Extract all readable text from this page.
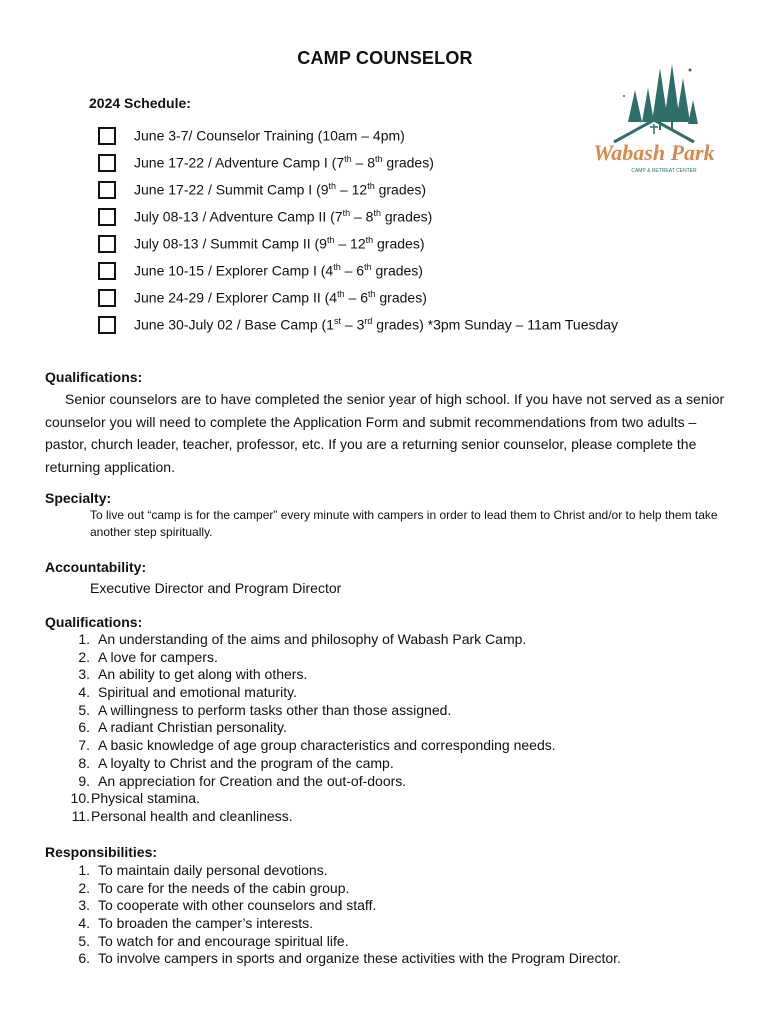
CAMP COUNSELOR
2024 Schedule:
June 3-7/ Counselor Training (10am – 4pm)
June 17-22 / Adventure Camp I (7th – 8th grades)
June 17-22 / Summit Camp I (9th – 12th grades)
July 08-13 / Adventure Camp II (7th – 8th grades)
July 08-13 / Summit Camp II (9th – 12th grades)
June 10-15 / Explorer Camp I (4th – 6th grades)
June 24-29 / Explorer Camp II (4th – 6th grades)
June 30-July 02 / Base Camp (1st – 3rd grades) *3pm Sunday – 11am Tuesday
Wabash Park
CAMP & RETREAT CENTER
Qualifications:
Senior counselors are to have completed the senior year of high school. If you have not served as a senior counselor you will need to complete the Application Form and submit recommendations from two adults – pastor, church leader, teacher, professor, etc. If you are a returning senior counselor, please complete the returning application.
Specialty:
To live out “camp is for the camper” every minute with campers in order to lead them to Christ and/or to help them take another step spiritually.
Accountability:
Executive Director and Program Director
Qualifications:
1. An understanding of the aims and philosophy of Wabash Park Camp.
2. A love for campers.
3. An ability to get along with others.
4. Spiritual and emotional maturity.
5. A willingness to perform tasks other than those assigned.
6. A radiant Christian personality.
7. A basic knowledge of age group characteristics and corresponding needs.
8. A loyalty to Christ and the program of the camp.
9. An appreciation for Creation and the out-of-doors.
10. Physical stamina.
11. Personal health and cleanliness.
Responsibilities:
1. To maintain daily personal devotions.
2. To care for the needs of the cabin group.
3. To cooperate with other counselors and staff.
4. To broaden the camper’s interests.
5. To watch for and encourage spiritual life.
6. To involve campers in sports and organize these activities with the Program Director.
